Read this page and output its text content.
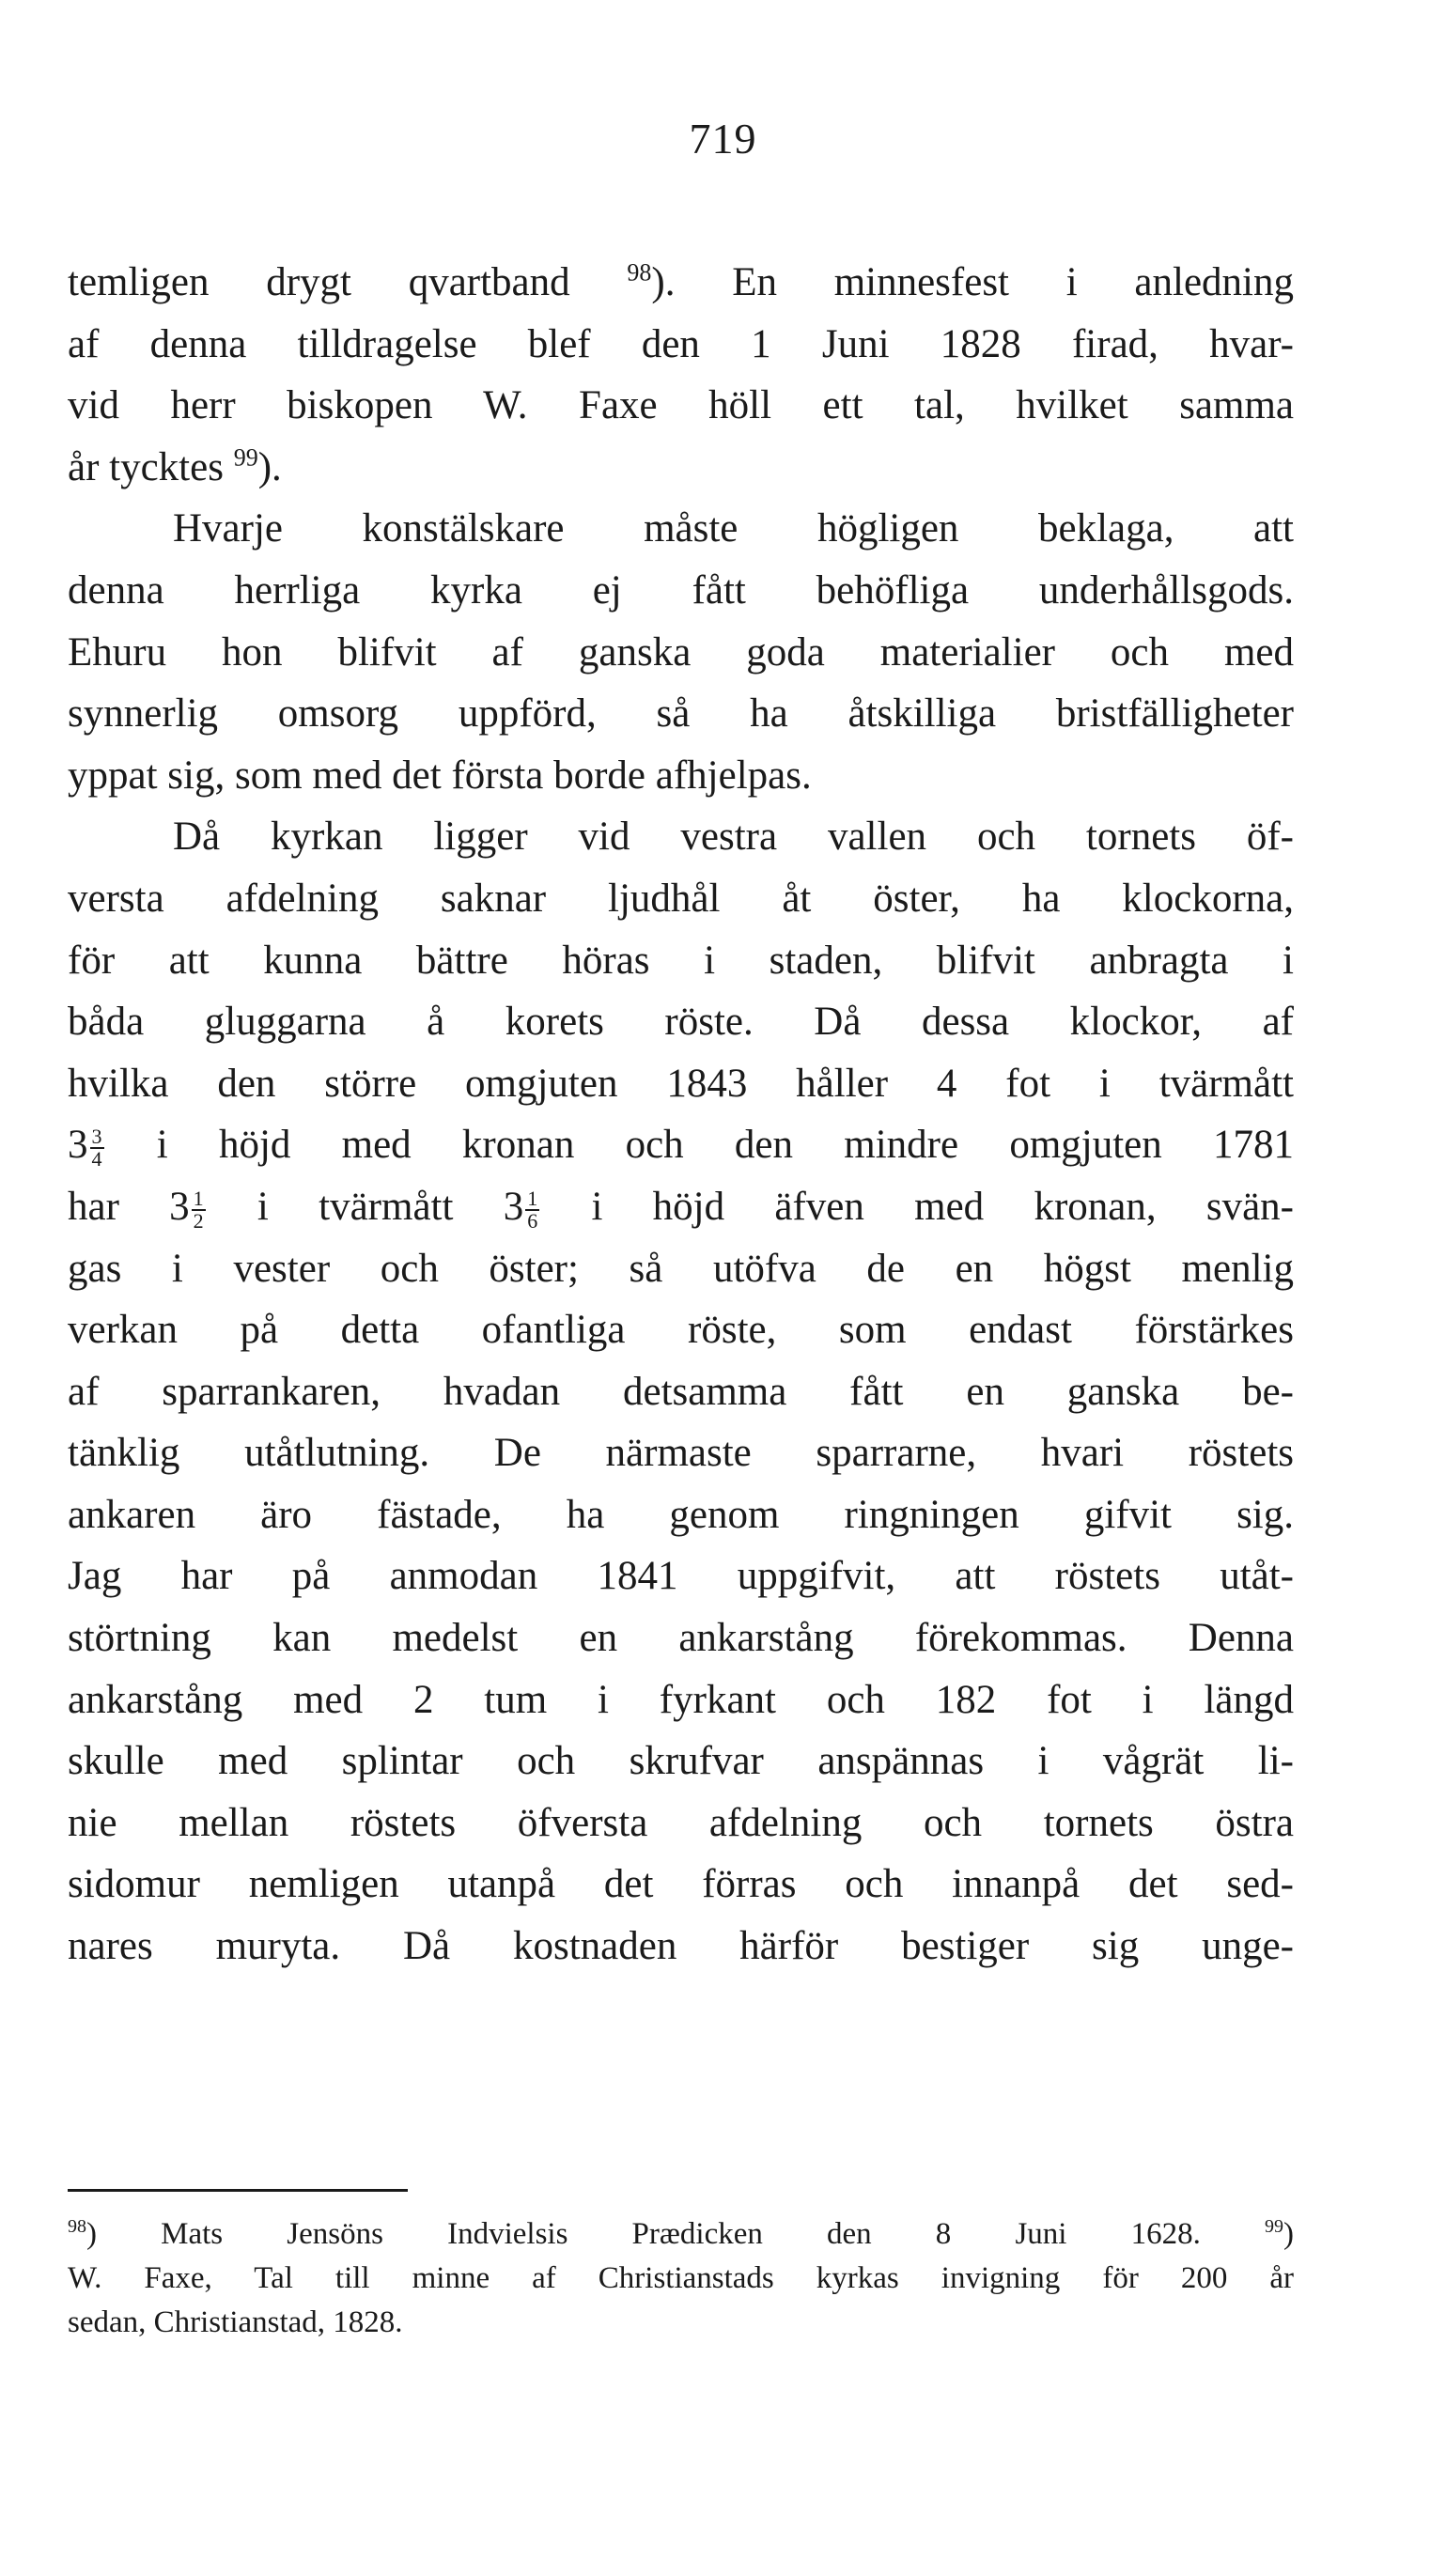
719
temligen drygt qvartband $^{98}$). En minnesfest i anledning
af denna tilldragelse blef den 1 Juni 1828 firad, hvar-
vid herr biskopen W. Faxe höll ett tal, hvilket samma
år tycktes $^{99}$).
Hvarje konstälskare måste högligen beklaga, att
denna herrliga kyrka ej fått behöfliga underhållsgods.
Ehuru hon blifvit af ganska goda materialier och med
synnerlig omsorg uppförd, så ha åtskilliga bristfälligheter
yppat sig, som med det första borde afhjelpas.
Då kyrkan ligger vid vestra vallen och tornets öf-
versta afdelning saknar ljudhål åt öster, ha klockorna,
för att kunna bättre höras i staden, blifvit anbragta i
båda gluggarna å korets röste. Då dessa klockor, af
hvilka den större omgjuten 1843 håller 4 fot i tvärmått
$3 \frac{3}{4}$ i höjd med kronan och den mindre omgjuten 1781
har $3 \frac{1}{2}$ i tvärmått $3 \frac{1}{6}$ i höjd äfven med kronan, svän-
gas i vester och öster; så utöfva de en högst menlig
verkan på detta ofantliga röste, som endast förstärkes
af sparrankaren, hvadan detsamma fått en ganska be-
tänklig utåtlutning. De närmaste sparrarne, hvari röstets
ankaren äro fästade, ha genom ringningen gifvit sig.
Jag har på anmodan 1841 uppgifvit, att röstets utåt-
störtning kan medelst en ankarstång förekommas. Denna
ankarstång med 2 tum i fyrkant och 182 fot i längd
skulle med splintar och skrufvar anspännas i vågrät li-
nie mellan röstets öfversta afdelning och tornets östra
sidomur nemligen utanpå det förras och innanpå det sed-
nares muryta. Då kostnaden härför bestiger sig unge-
$^{98}$) Mats Jensöns Indvielsis Prædicken den 8 Juni 1628. $^{99}$)
W. Faxe, Tal till minne af Christianstads kyrkas invigning för 200 år
sedan, Christianstad, 1828.
